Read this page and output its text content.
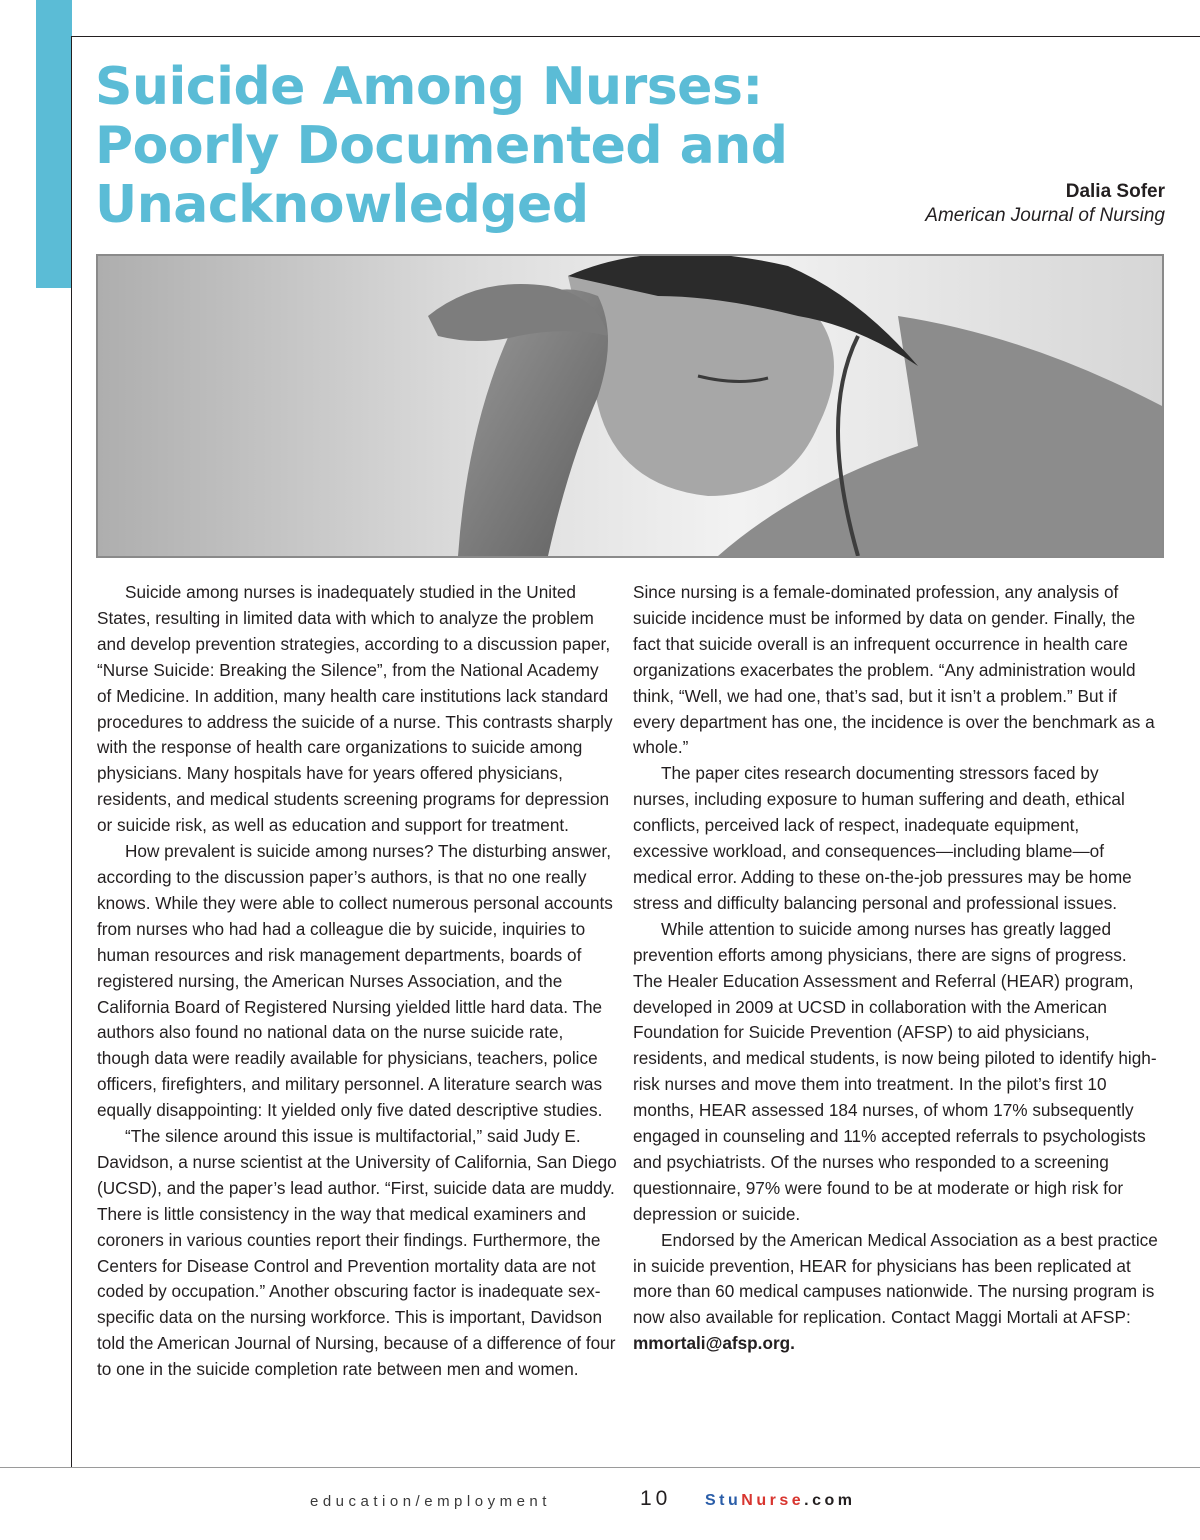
Suicide Among Nurses: Poorly Documented and Unacknowledged	Dalia Sofer
American Journal of Nursing

Suicide among nurses is inadequately studied in the United States, resulting in limited data with which to analyze the problem and develop prevention strategies, according to a discussion paper, “Nurse Suicide: Breaking the Silence”, from the National Academy of Medicine. In addition, many health care institutions lack standard procedures to address the suicide of a nurse. This contrasts sharply with the response of health care organizations to suicide among physicians. Many hospitals have for years offered physicians, residents, and medical students screening programs for depression or suicide risk, as well as education and support for treatment.

How prevalent is suicide among nurses? The disturbing answer, according to the discussion paper’s authors, is that no one really knows. While they were able to collect numerous personal accounts from nurses who had had a colleague die by suicide, inquiries to human resources and risk management departments, boards of registered nursing, the American Nurses Association, and the California Board of Registered Nursing yielded little hard data. The authors also found no national data on the nurse suicide rate, though data were readily available for physicians, teachers, police officers, firefighters, and military personnel. A literature search was equally disappointing: It yielded only five dated descriptive studies.

“The silence around this issue is multifactorial,” said Judy E. Davidson, a nurse scientist at the University of California, San Diego (UCSD), and the paper’s lead author. “First, suicide data are muddy. There is little consistency in the way that medical examiners and coroners in various counties report their findings. Furthermore, the Centers for Disease Control and Prevention mortality data are not coded by occupation.” Another obscuring factor is inadequate sex-specific data on the nursing workforce. This is important, Davidson told the American Journal of Nursing, because of a difference of four to one in the suicide completion rate between men and women.

Since nursing is a female-dominated profession, any analysis of suicide incidence must be informed by data on gender. Finally, the fact that suicide overall is an infrequent occurrence in health care organizations exacerbates the problem. “Any administration would think, “Well, we had one, that’s sad, but it isn’t a problem.” But if every department has one, the incidence is over the benchmark as a whole.”

The paper cites research documenting stressors faced by nurses, including exposure to human suffering and death, ethical conflicts, perceived lack of respect, inadequate equipment, excessive workload, and consequences—including blame—of medical error. Adding to these on-the-job pressures may be home stress and difficulty balancing personal and professional issues.

While attention to suicide among nurses has greatly lagged prevention efforts among physicians, there are signs of progress. The Healer Education Assessment and Referral (HEAR) program, developed in 2009 at UCSD in collaboration with the American Foundation for Suicide Prevention (AFSP) to aid physicians, residents, and medical students, is now being piloted to identify high-risk nurses and move them into treatment. In the pilot’s first 10 months, HEAR assessed 184 nurses, of whom 17% subsequently engaged in counseling and 11% accepted referrals to psychologists and psychiatrists. Of the nurses who responded to a screening questionnaire, 97% were found to be at moderate or high risk for depression or suicide.

Endorsed by the American Medical Association as a best practice in suicide prevention, HEAR for physicians has been replicated at more than 60 medical campuses nationwide. The nursing program is now also available for replication. Contact Maggi Mortali at AFSP: mmortali@afsp.org.

education/employment	10 StuNurse.com
